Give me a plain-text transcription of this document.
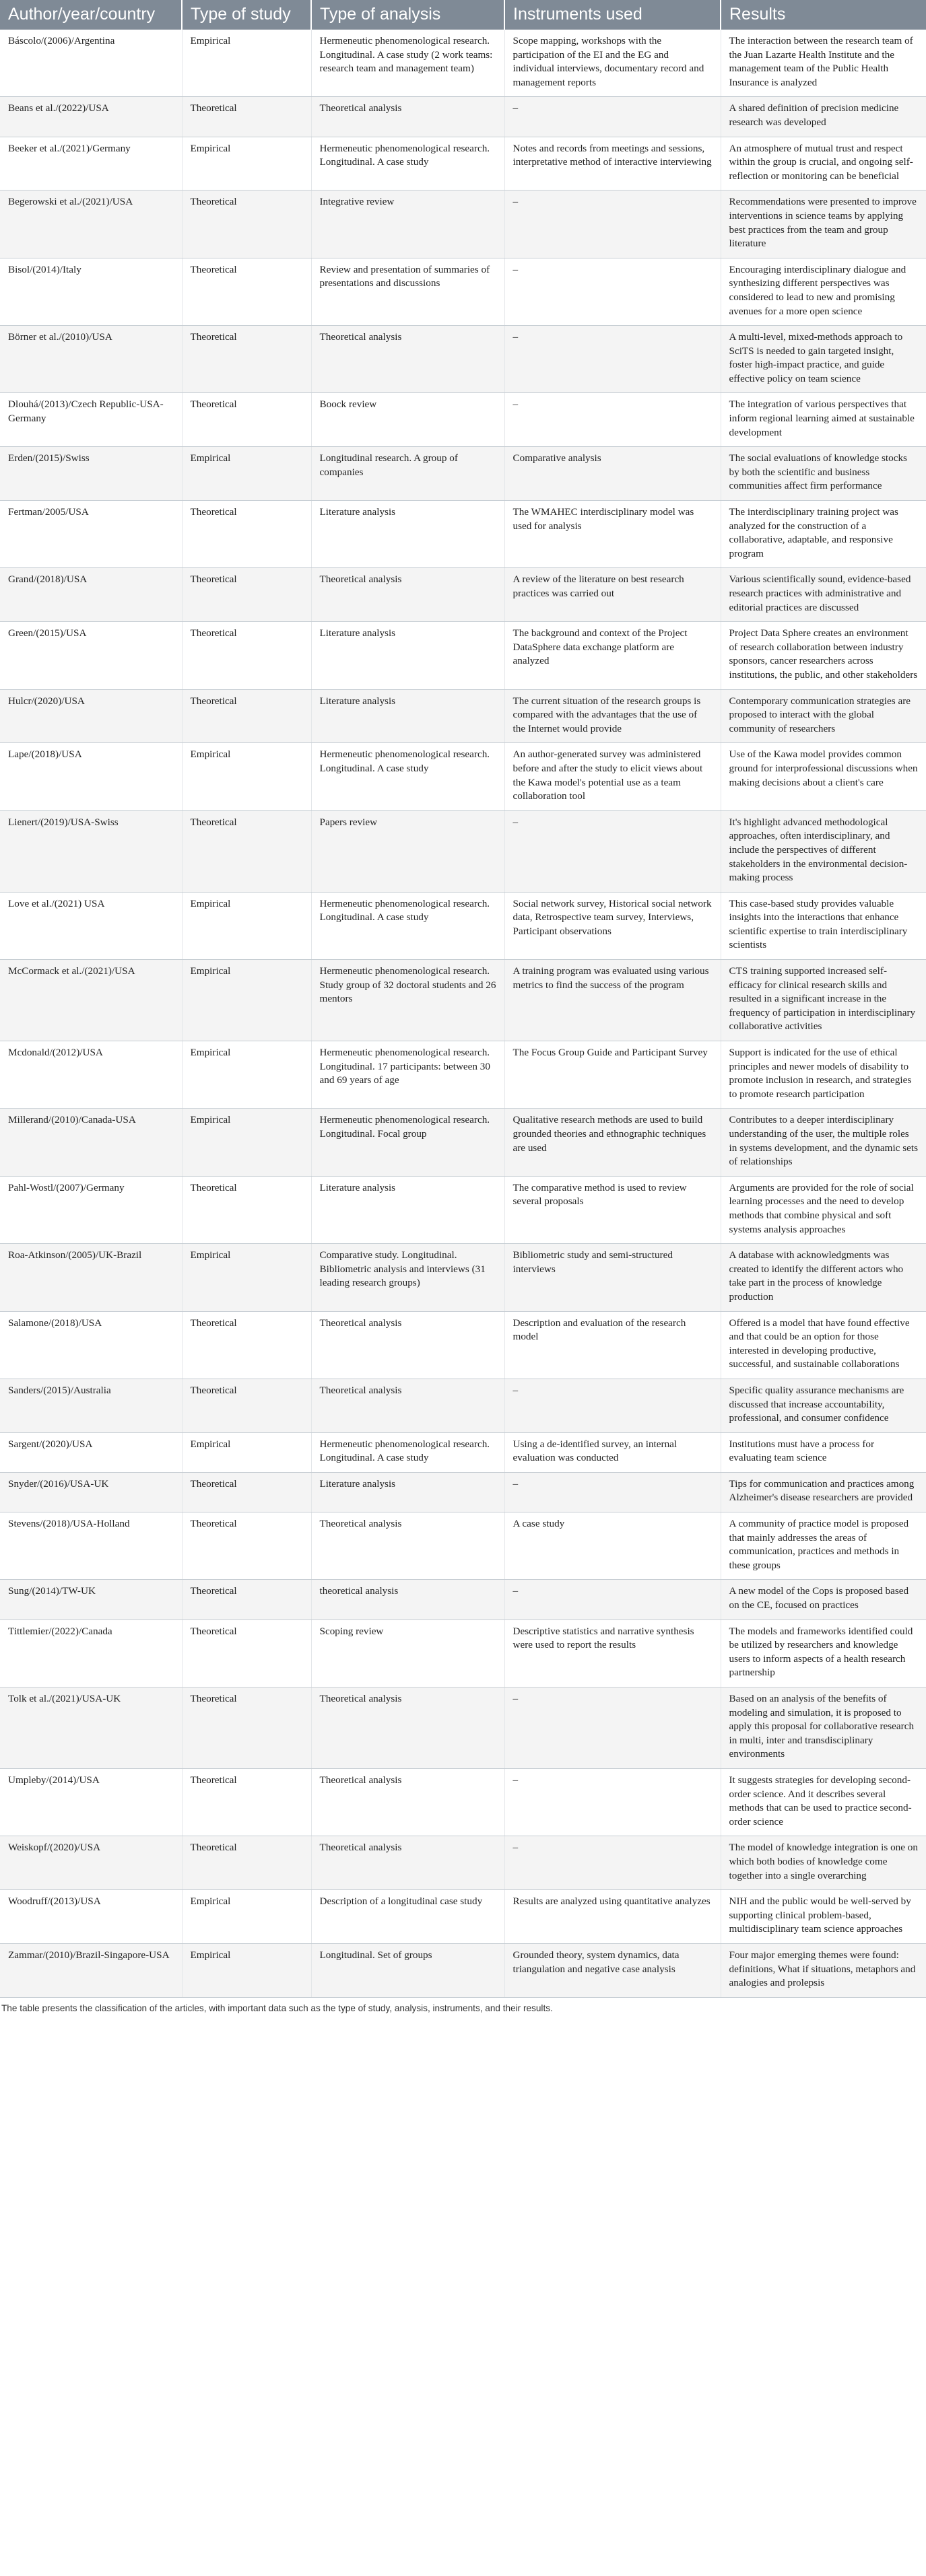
Author/year/country	Type of study	Type of analysis	Instruments used	Results
Báscolo/(2006)/Argentina	Empirical	Hermeneutic phenomenological research. Longitudinal. A case study (2 work teams: research team and management team)	Scope mapping, workshops with the participation of the EI and the EG and individual interviews, documentary record and management reports	The interaction between the research team of the Juan Lazarte Health Institute and the management team of the Public Health Insurance is analyzed
Beans et al./(2022)/USA	Theoretical	Theoretical analysis	–	A shared definition of precision medicine research was developed
Beeker et al./(2021)/Germany	Empirical	Hermeneutic phenomenological research. Longitudinal. A case study	Notes and records from meetings and sessions, interpretative method of interactive interviewing	An atmosphere of mutual trust and respect within the group is crucial, and ongoing self-reflection or monitoring can be beneficial
Begerowski et al./(2021)/USA	Theoretical	Integrative review	–	Recommendations were presented to improve interventions in science teams by applying best practices from the team and group literature
Bisol/(2014)/Italy	Theoretical	Review and presentation of summaries of presentations and discussions	–	Encouraging interdisciplinary dialogue and synthesizing different perspectives was considered to lead to new and promising avenues for a more open science
Börner et al./(2010)/USA	Theoretical	Theoretical analysis	–	A multi-level, mixed-methods approach to SciTS is needed to gain targeted insight, foster high-impact practice, and guide effective policy on team science
Dlouhá/(2013)/Czech Republic-USA-Germany	Theoretical	Boock review	–	The integration of various perspectives that inform regional learning aimed at sustainable development
Erden/(2015)/Swiss	Empirical	Longitudinal research. A group of companies	Comparative analysis	The social evaluations of knowledge stocks by both the scientific and business communities affect firm performance
Fertman/2005/USA	Theoretical	Literature analysis	The WMAHEC interdisciplinary model was used for analysis	The interdisciplinary training project was analyzed for the construction of a collaborative, adaptable, and responsive program
Grand/(2018)/USA	Theoretical	Theoretical analysis	A review of the literature on best research practices was carried out	Various scientifically sound, evidence-based research practices with administrative and editorial practices are discussed
Green/(2015)/USA	Theoretical	Literature analysis	The background and context of the Project DataSphere data exchange platform are analyzed	Project Data Sphere creates an environment of research collaboration between industry sponsors, cancer researchers across institutions, the public, and other stakeholders
Hulcr/(2020)/USA	Theoretical	Literature analysis	The current situation of the research groups is compared with the advantages that the use of the Internet would provide	Contemporary communication strategies are proposed to interact with the global community of researchers
Lape/(2018)/USA	Empirical	Hermeneutic phenomenological research. Longitudinal. A case study	An author-generated survey was administered before and after the study to elicit views about the Kawa model's potential use as a team collaboration tool	Use of the Kawa model provides common ground for interprofessional discussions when making decisions about a client's care
Lienert/(2019)/USA-Swiss	Theoretical	Papers review	–	It's highlight advanced methodological approaches, often interdisciplinary, and include the perspectives of different stakeholders in the environmental decision-making process
Love et al./(2021) USA	Empirical	Hermeneutic phenomenological research. Longitudinal. A case study	Social network survey, Historical social network data, Retrospective team survey, Interviews, Participant observations	This case-based study provides valuable insights into the interactions that enhance scientific expertise to train interdisciplinary scientists
McCormack et al./(2021)/USA	Empirical	Hermeneutic phenomenological research. Study group of 32 doctoral students and 26 mentors	A training program was evaluated using various metrics to find the success of the program	CTS training supported increased self-efficacy for clinical research skills and resulted in a significant increase in the frequency of participation in interdisciplinary collaborative activities
Mcdonald/(2012)/USA	Empirical	Hermeneutic phenomenological research. Longitudinal. 17 participants: between 30 and 69 years of age	The Focus Group Guide and Participant Survey	Support is indicated for the use of ethical principles and newer models of disability to promote inclusion in research, and strategies to promote research participation
Millerand/(2010)/Canada-USA	Empirical	Hermeneutic phenomenological research. Longitudinal. Focal group	Qualitative research methods are used to build grounded theories and ethnographic techniques are used	Contributes to a deeper interdisciplinary understanding of the user, the multiple roles in systems development, and the dynamic sets of relationships
Pahl-Wostl/(2007)/Germany	Theoretical	Literature analysis	The comparative method is used to review several proposals	Arguments are provided for the role of social learning processes and the need to develop methods that combine physical and soft systems analysis approaches
Roa-Atkinson/(2005)/UK-Brazil	Empirical	Comparative study. Longitudinal. Bibliometric analysis and interviews (31 leading research groups)	Bibliometric study and semi-structured interviews	A database with acknowledgments was created to identify the different actors who take part in the process of knowledge production
Salamone/(2018)/USA	Theoretical	Theoretical analysis	Description and evaluation of the research model	Offered is a model that have found effective and that could be an option for those interested in developing productive, successful, and sustainable collaborations
Sanders/(2015)/Australia	Theoretical	Theoretical analysis	–	Specific quality assurance mechanisms are discussed that increase accountability, professional, and consumer confidence
Sargent/(2020)/USA	Empirical	Hermeneutic phenomenological research. Longitudinal. A case study	Using a de-identified survey, an internal evaluation was conducted	Institutions must have a process for evaluating team science
Snyder/(2016)/USA-UK	Theoretical	Literature analysis	–	Tips for communication and practices among Alzheimer's disease researchers are provided
Stevens/(2018)/USA-Holland	Theoretical	Theoretical analysis	A case study	A community of practice model is proposed that mainly addresses the areas of communication, practices and methods in these groups
Sung/(2014)/TW-UK	Theoretical	theoretical analysis	–	A new model of the Cops is proposed based on the CE, focused on practices
Tittlemier/(2022)/Canada	Theoretical	Scoping review	Descriptive statistics and narrative synthesis were used to report the results	The models and frameworks identified could be utilized by researchers and knowledge users to inform aspects of a health research partnership
Tolk et al./(2021)/USA-UK	Theoretical	Theoretical analysis	–	Based on an analysis of the benefits of modeling and simulation, it is proposed to apply this proposal for collaborative research in multi, inter and transdisciplinary environments
Umpleby/(2014)/USA	Theoretical	Theoretical analysis	–	It suggests strategies for developing second-order science. And it describes several methods that can be used to practice second-order science
Weiskopf/(2020)/USA	Theoretical	Theoretical analysis	–	The model of knowledge integration is one on which both bodies of knowledge come together into a single overarching
Woodruff/(2013)/USA	Empirical	Description of a longitudinal case study	Results are analyzed using quantitative analyzes	NIH and the public would be well-served by supporting clinical problem-based, multidisciplinary team science approaches
Zammar/(2010)/Brazil-Singapore-USA	Empirical	Longitudinal. Set of groups	Grounded theory, system dynamics, data triangulation and negative case analysis	Four major emerging themes were found: definitions, What if situations, metaphors and analogies and prolepsis
The table presents the classification of the articles, with important data such as the type of study, analysis, instruments, and their results.
